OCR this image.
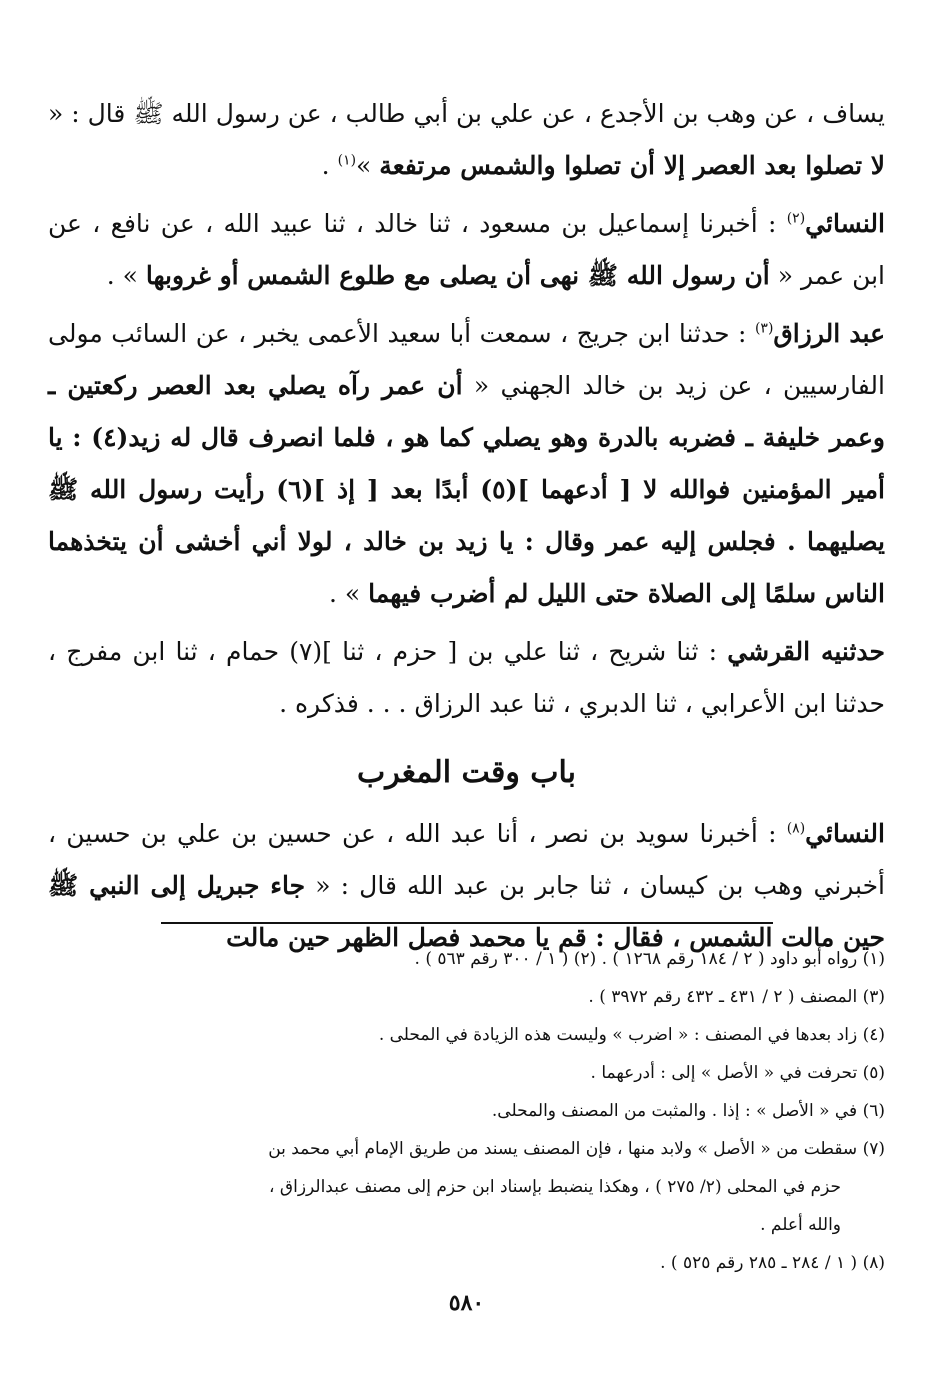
يساف ، عن وهب بن الأجدع ، عن علي بن أبي طالب ، عن رسول الله ﷺ قال : « لا تصلوا بعد العصر إلا أن تصلوا والشمس مرتفعة »$^{(١)}$ .

النسائي$^{(٢)}$ : أخبرنا إسماعيل بن مسعود ، ثنا خالد ، ثنا عبيد الله ، عن نافع ، عن ابن عمر « أن رسول الله ﷺ نهى أن يصلى مع طلوع الشمس أو غروبها » .

عبد الرزاق$^{(٣)}$ : حدثنا ابن جريج ، سمعت أبا سعيد الأعمى يخبر ، عن السائب مولى الفارسيين ، عن زيد بن خالد الجهني « أن عمر رآه يصلي بعد العصر ركعتين ـ وعمر خليفة ـ فضربه بالدرة وهو يصلي كما هو ، فلما انصرف قال له زيد(٤) : يا أمير المؤمنين فوالله لا [ أدعهما ](٥) أبدًا بعد [ إذ ](٦) رأيت رسول الله ﷺ يصليهما . فجلس إليه عمر وقال : يا زيد بن خالد ، لولا أني أخشى أن يتخذهما الناس سلمًا إلى الصلاة حتى الليل لم أضرب فيهما » .

حدثنيه القرشي : ثنا شريح ، ثنا علي بن [ حزم ، ثنا ](٧) حمام ، ثنا ابن مفرج ، حدثنا ابن الأعرابي ، ثنا الدبري ، ثنا عبد الرزاق . . . فذكره .

باب وقت المغرب

النسائي$^{(٨)}$ : أخبرنا سويد بن نصر ، أنا عبد الله ، عن حسين بن علي بن حسين ، أخبرني وهب بن كيسان ، ثنا جابر بن عبد الله قال : « جاء جبريل إلى النبي ﷺ حين مالت الشمس ، فقال : قم يا محمد فصل الظهر حين مالت

(١) رواه أبو داود ( ٢ / ١٨٤ رقم ١٢٦٨ ) . (٢) ( ١ / ٣٠٠ رقم ٥٦٣ ) .

(٣) المصنف ( ٢ / ٤٣١ ـ ٤٣٢ رقم ٣٩٧٢ ) .

(٤) زاد بعدها في المصنف : « اضرب » وليست هذه الزيادة في المحلى .

(٥) تحرفت في « الأصل » إلى : أدرعهما .

(٦) في « الأصل » : إذا . والمثبت من المصنف والمحلى.

(٧) سقطت من « الأصل » ولابد منها ، فإن المصنف يسند من طريق الإمام أبي محمد بن

حزم في المحلى (٢/ ٢٧٥ ) ، وهكذا ينضبط بإسناد ابن حزم إلى مصنف عبدالرزاق ،

والله أعلم .

(٨) ( ١ / ٢٨٤ ـ ٢٨٥ رقم ٥٢٥ ) .

٥٨٠
